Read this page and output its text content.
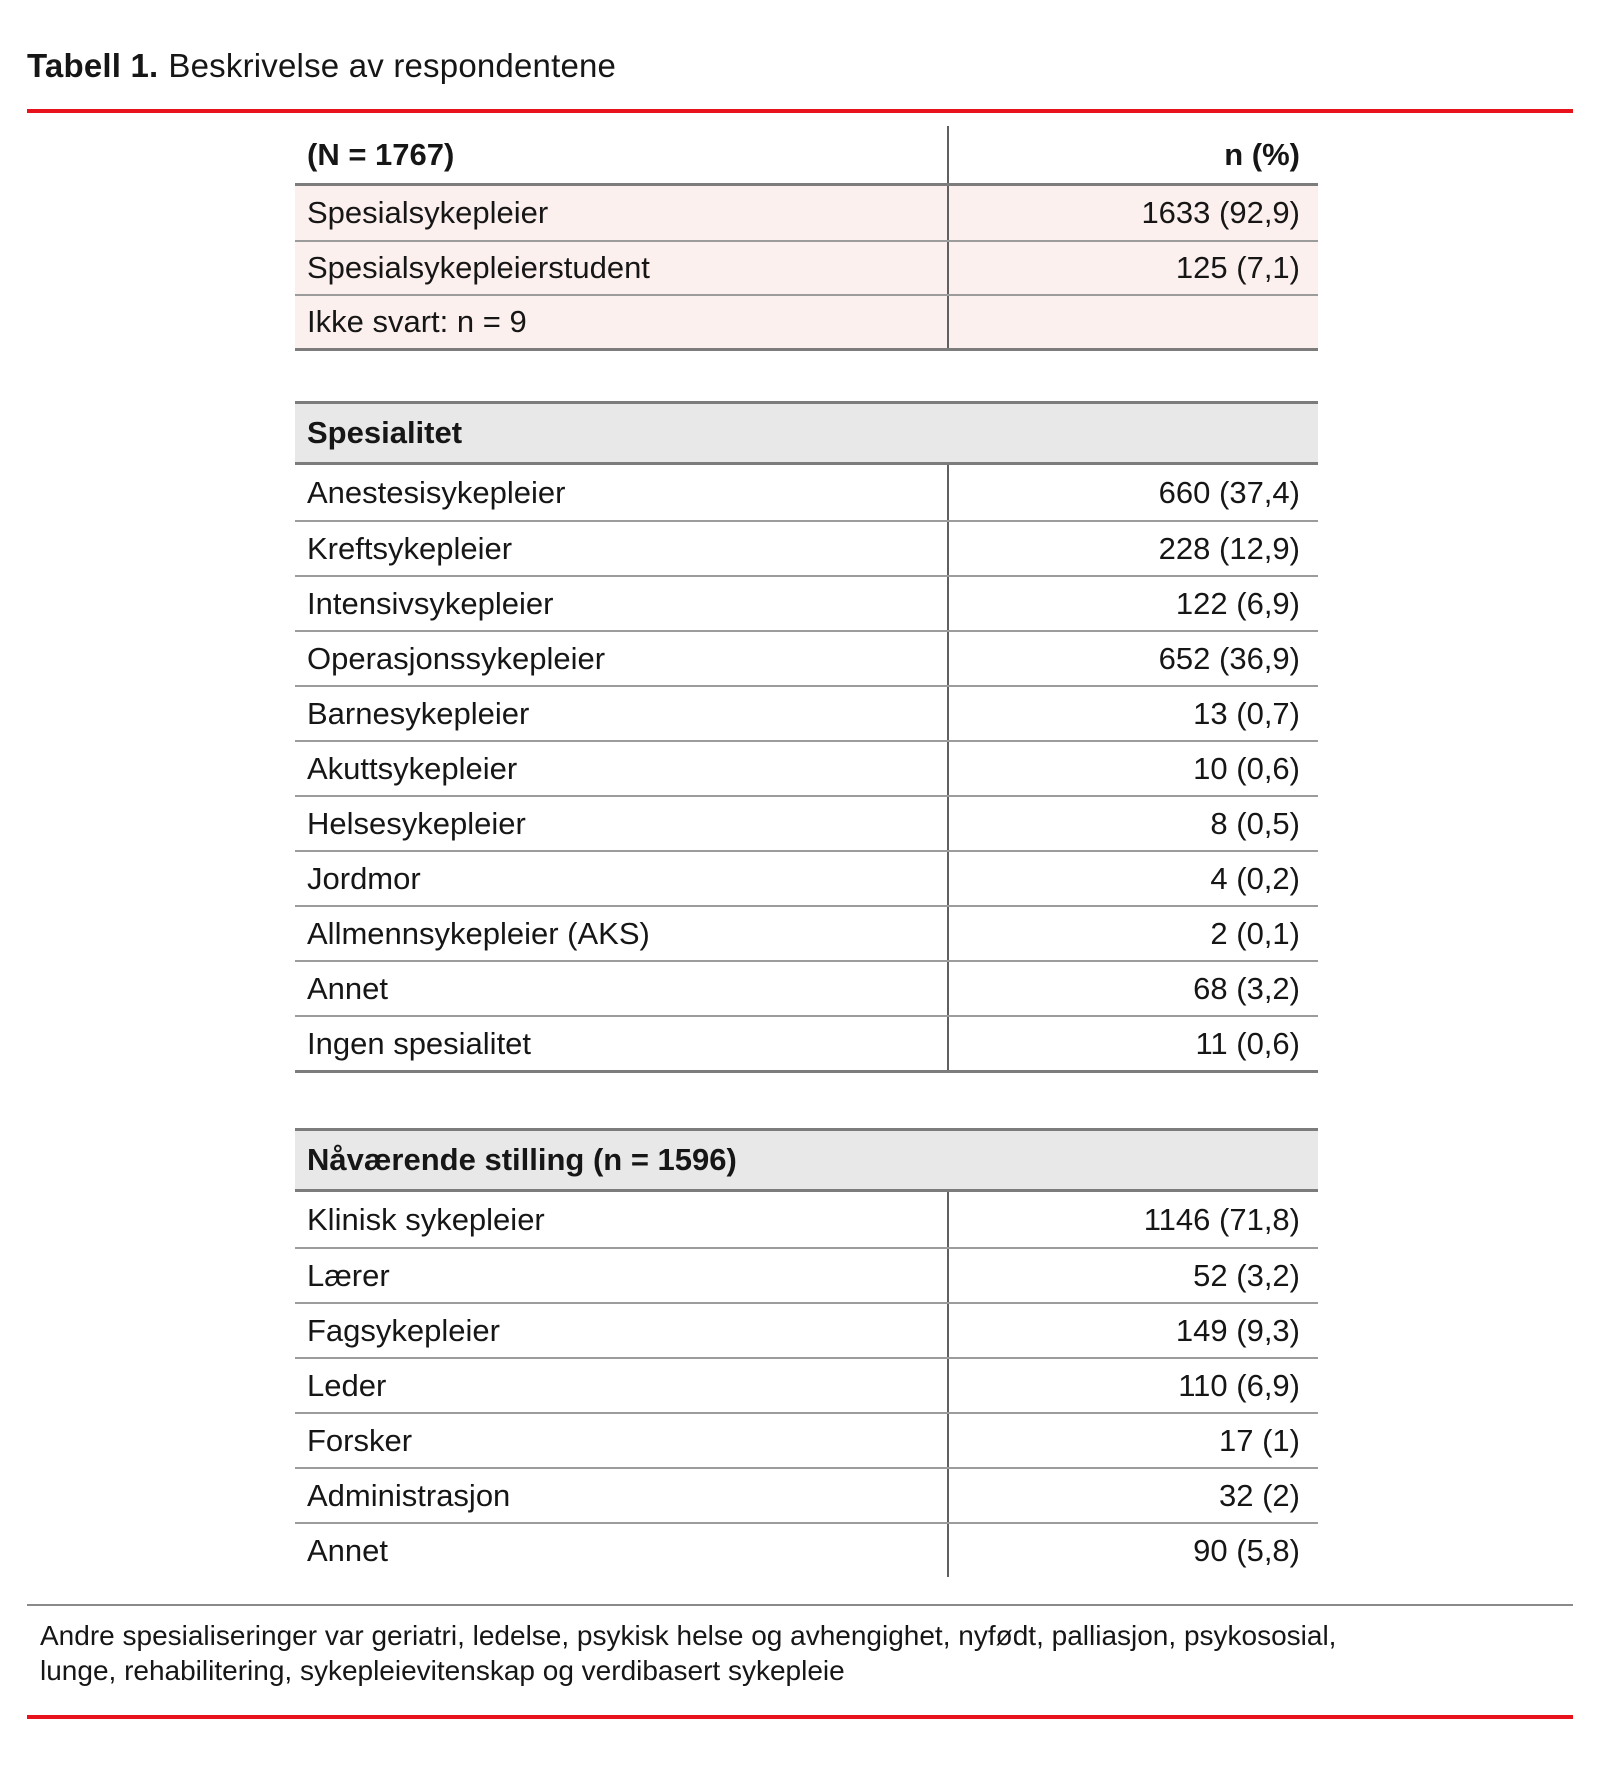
Tabell 1. Beskrivelse av respondentene
(N = 1767)	n (%)
Spesialsykepleier	1633 (92,9)
Spesialsykepleierstudent	125 (7,1)
Ikke svart: n = 9
Spesialitet
Anestesisykepleier	660 (37,4)
Kreftsykepleier	228 (12,9)
Intensivsykepleier	122 (6,9)
Operasjonssykepleier	652 (36,9)
Barnesykepleier	13 (0,7)
Akuttsykepleier	10 (0,6)
Helsesykepleier	8 (0,5)
Jordmor	4 (0,2)
Allmennsykepleier (AKS)	2 (0,1)
Annet	68 (3,2)
Ingen spesialitet	11 (0,6)
Nåværende stilling (n = 1596)
Klinisk sykepleier	1146 (71,8)
Lærer	52 (3,2)
Fagsykepleier	149 (9,3)
Leder	110 (6,9)
Forsker	17 (1)
Administrasjon	32 (2)
Annet	90 (5,8)
Andre spesialiseringer var geriatri, ledelse, psykisk helse og avhengighet, nyfødt, palliasjon, psykososial,
lunge, rehabilitering, sykepleievitenskap og verdibasert sykepleie
